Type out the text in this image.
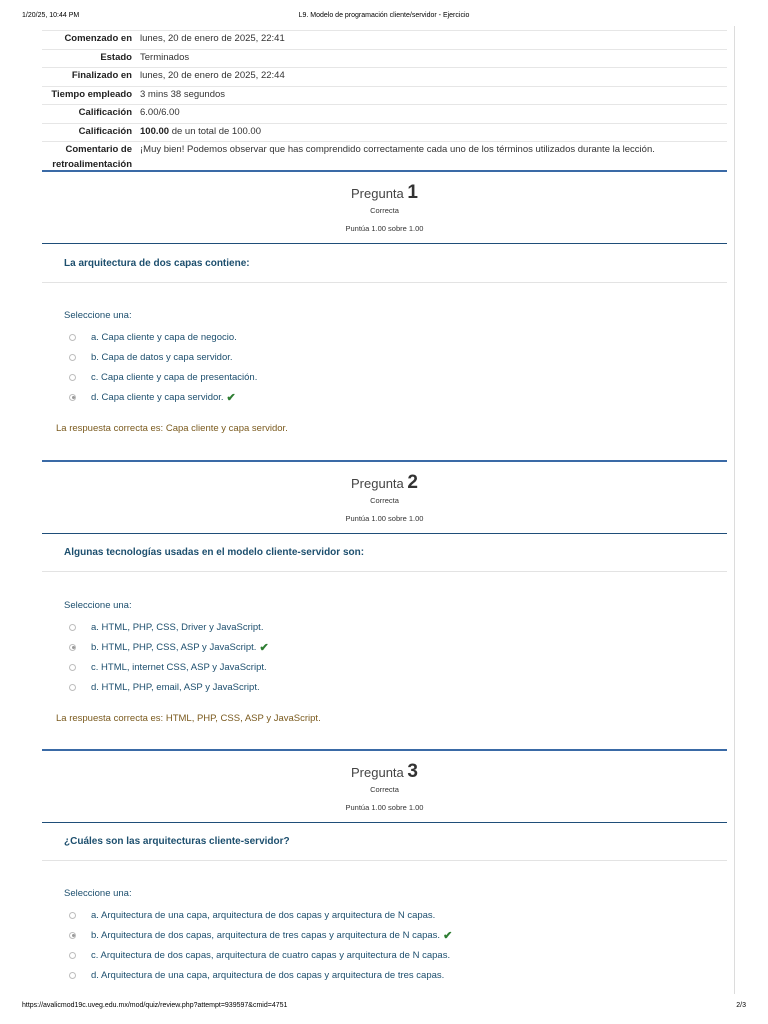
1/20/25, 10:44 PM	L9. Modelo de programación cliente/servidor - Ejercicio
Comenzado en lunes, 20 de enero de 2025, 22:41
Estado Terminados
Finalizado en lunes, 20 de enero de 2025, 22:44
Tiempo empleado 3 mins 38 segundos
Calificación 6.00/6.00
Calificación 100.00 de un total de 100.00
Comentario de
retroalimentación
¡Muy bien! Podemos observar que has comprendido correctamente cada uno de los términos utilizados durante la lección.
Pregunta 1
Correcta
Puntúa 1.00 sobre 1.00
La arquitectura de dos capas contiene:
Seleccione una:
a. Capa cliente y capa de negocio.
b. Capa de datos y capa servidor.
c. Capa cliente y capa de presentación.
d. Capa cliente y capa servidor. ✔
La respuesta correcta es: Capa cliente y capa servidor.
Pregunta 2
Correcta
Puntúa 1.00 sobre 1.00
Algunas tecnologías usadas en el modelo cliente-servidor son:
Seleccione una:
a. HTML, PHP, CSS, Driver y JavaScript.
b. HTML, PHP, CSS, ASP y JavaScript. ✔
c. HTML, internet CSS, ASP y JavaScript.
d. HTML, PHP, email, ASP y JavaScript.
La respuesta correcta es: HTML, PHP, CSS, ASP y JavaScript.
Pregunta 3
Correcta
Puntúa 1.00 sobre 1.00
¿Cuáles son las arquitecturas cliente-servidor?
Seleccione una:
a. Arquitectura de una capa, arquitectura de dos capas y arquitectura de N capas.
b. Arquitectura de dos capas, arquitectura de tres capas y arquitectura de N capas. ✔
c. Arquitectura de dos capas, arquitectura de cuatro capas y arquitectura de N capas.
d. Arquitectura de una capa, arquitectura de dos capas y arquitectura de tres capas.
https://avalicmod19c.uveg.edu.mx/mod/quiz/review.php?attempt=939597&cmid=4751	2/3
